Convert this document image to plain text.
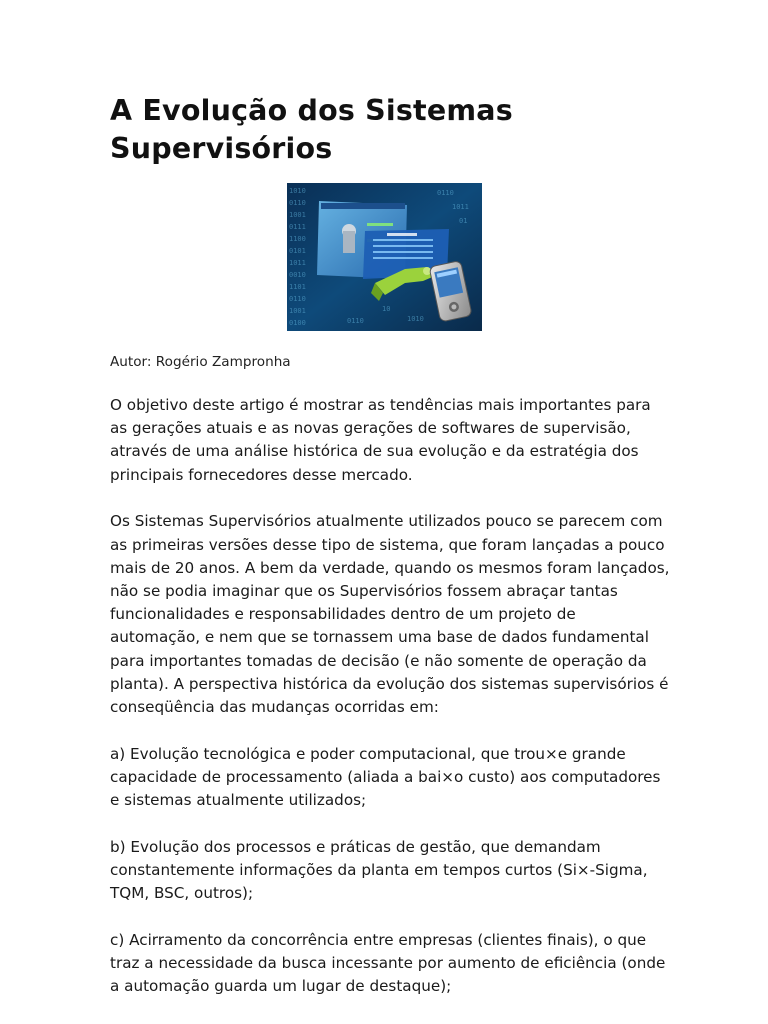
A Evolução dos Sistemas Supervisórios
1010
0110
1001
0111
1100
0101
1011
0010
1101
0110
1001
0100
0110
1011
01
1010
0110
10
Autor: Rogério Zampronha

O objetivo deste artigo é mostrar as tendências mais importantes para as gerações atuais e as novas gerações de softwares de supervisão, através de uma análise histórica de sua evolução e da estratégia dos principais fornecedores desse mercado.

Os Sistemas Supervisórios atualmente utilizados pouco se parecem com as primeiras versões desse tipo de sistema, que foram lançadas a pouco mais de 20 anos. A bem da verdade, quando os mesmos foram lançados, não se podia imaginar que os Supervisórios fossem abraçar tantas funcionalidades e responsabilidades dentro de um projeto de automação, e nem que se tornassem uma base de dados fundamental para importantes tomadas de decisão (e não somente de operação da planta). A perspectiva histórica da evolução dos sistemas supervisórios é conseqüência das mudanças ocorridas em:

a) Evolução tecnológica e poder computacional, que trou×e grande capacidade de processamento (aliada a bai×o custo) aos computadores e sistemas atualmente utilizados;

b) Evolução dos processos e práticas de gestão, que demandam constantemente informações da planta em tempos curtos (Si×-Sigma, TQM, BSC, outros);

c) Acirramento da concorrência entre empresas (clientes finais), o que traz a necessidade da busca incessante por aumento de eficiência (onde a automação guarda um lugar de destaque);
